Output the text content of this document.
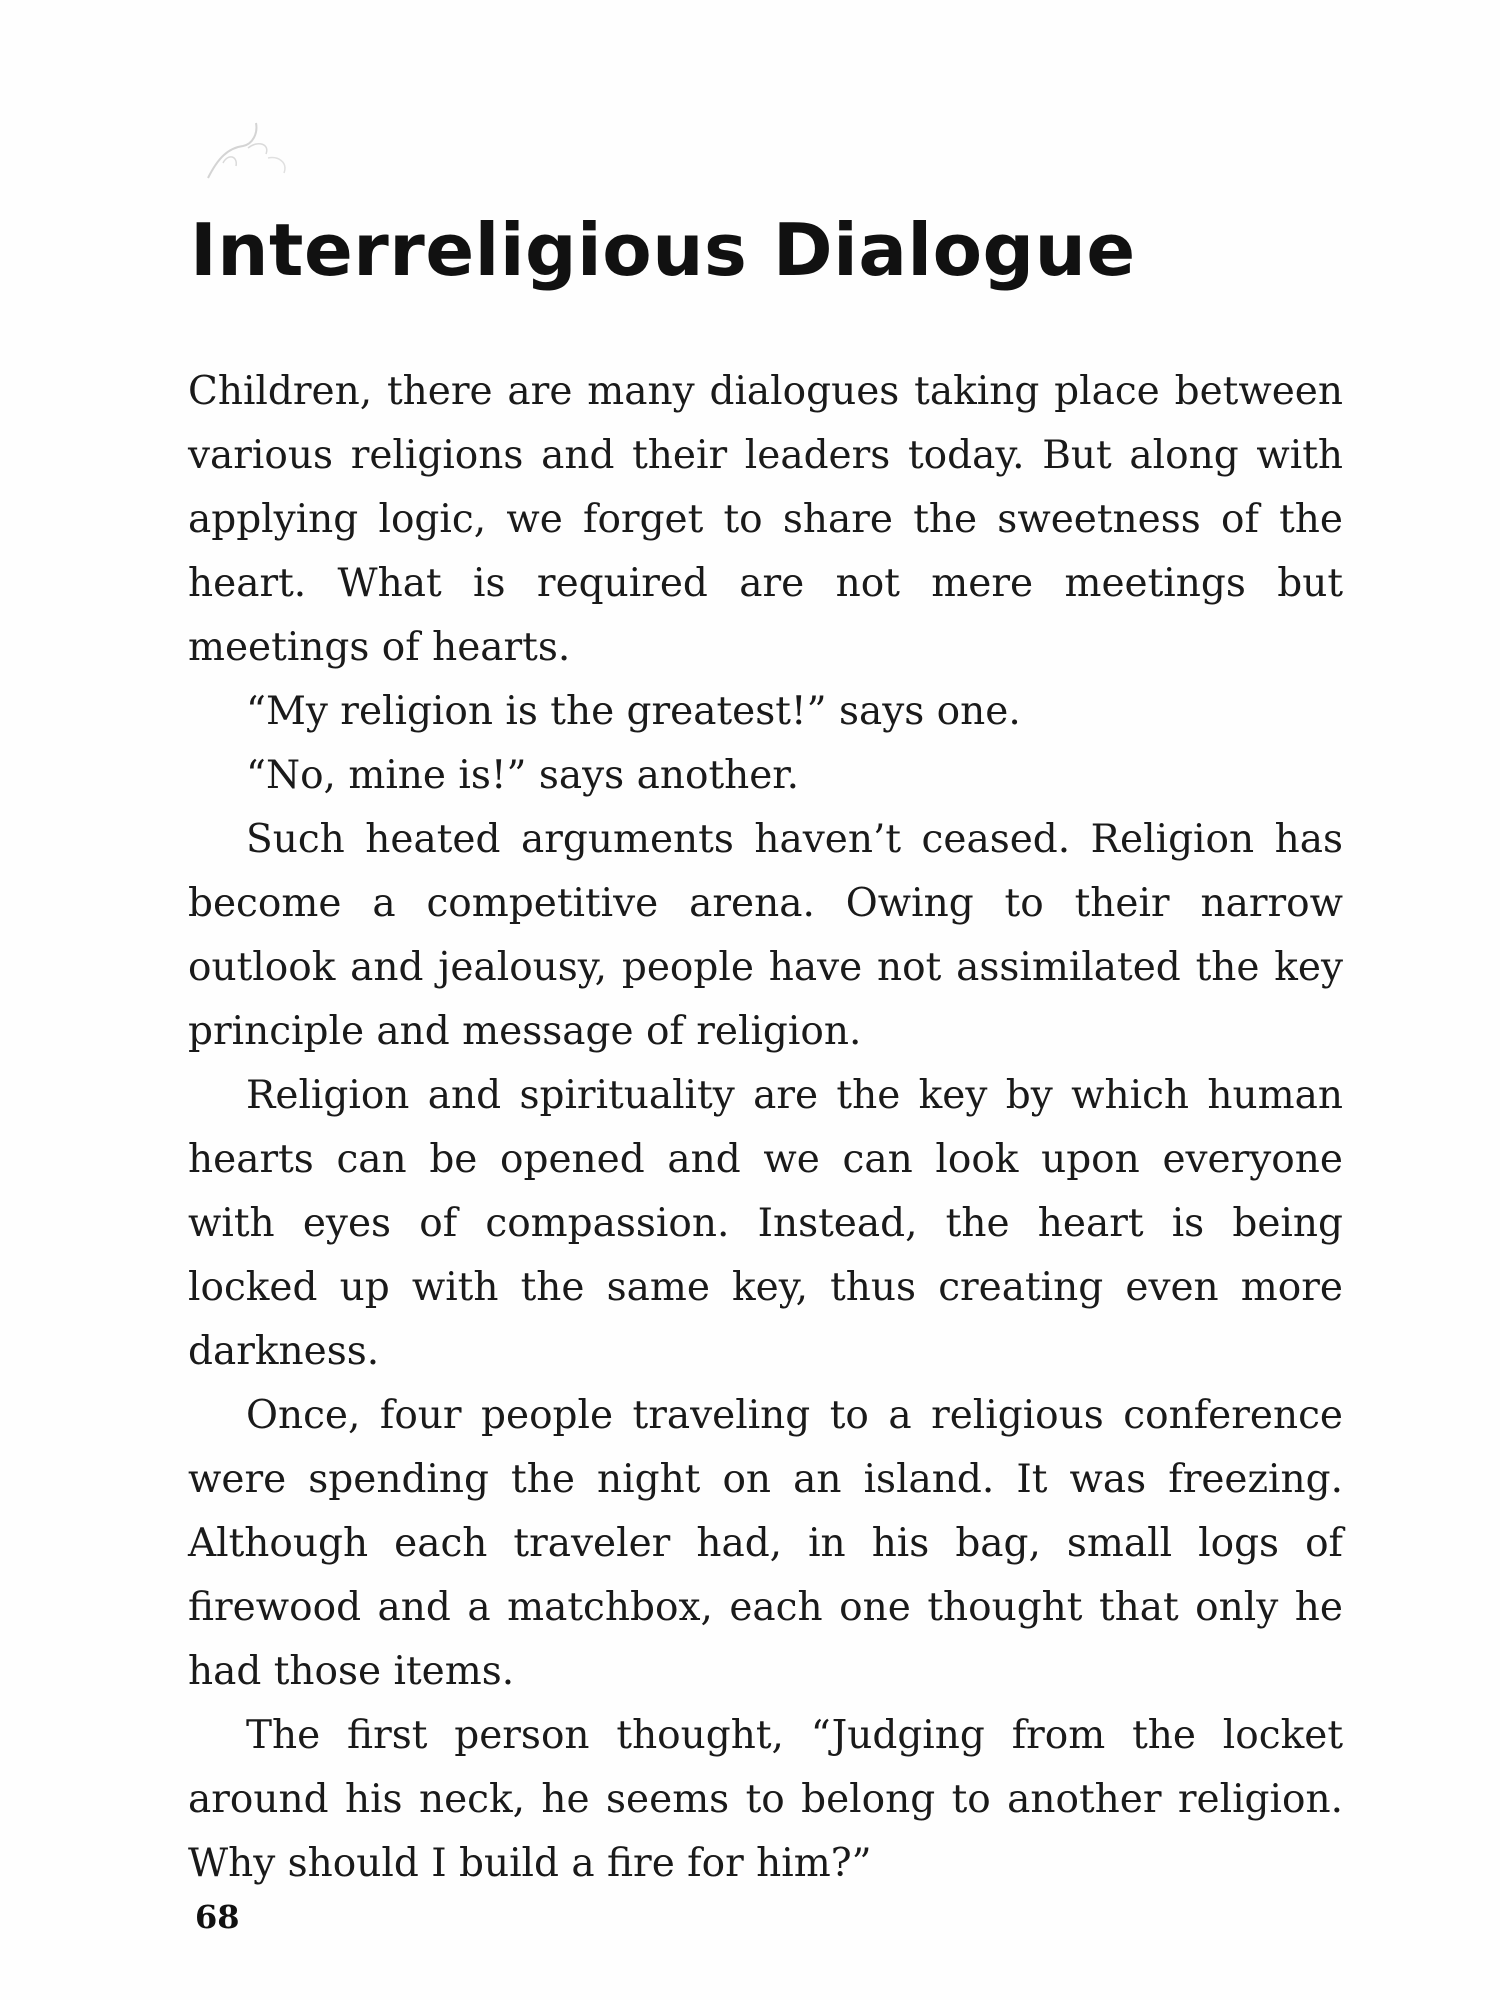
Interreligious Dialogue

Children, there are many dialogues taking place between various religions and their leaders today. But along with applying logic, we forget to share the sweetness of the heart. What is required are not mere meetings but meetings of hearts.

“My religion is the greatest!” says one.

“No, mine is!” says another.

Such heated arguments haven’t ceased. Religion has become a competitive arena. Owing to their narrow outlook and jealousy, people have not assimilated the key principle and message of religion.

Religion and spirituality are the key by which human hearts can be opened and we can look upon everyone with eyes of compassion. Instead, the heart is being locked up with the same key, thus creating even more darkness.

Once, four people traveling to a religious conference were spending the night on an island. It was freezing. Although each traveler had, in his bag, small logs of firewood and a matchbox, each one thought that only he had those items.

The first person thought, “Judging from the locket around his neck, he seems to belong to another religion. Why should I build a fire for him?”

68
